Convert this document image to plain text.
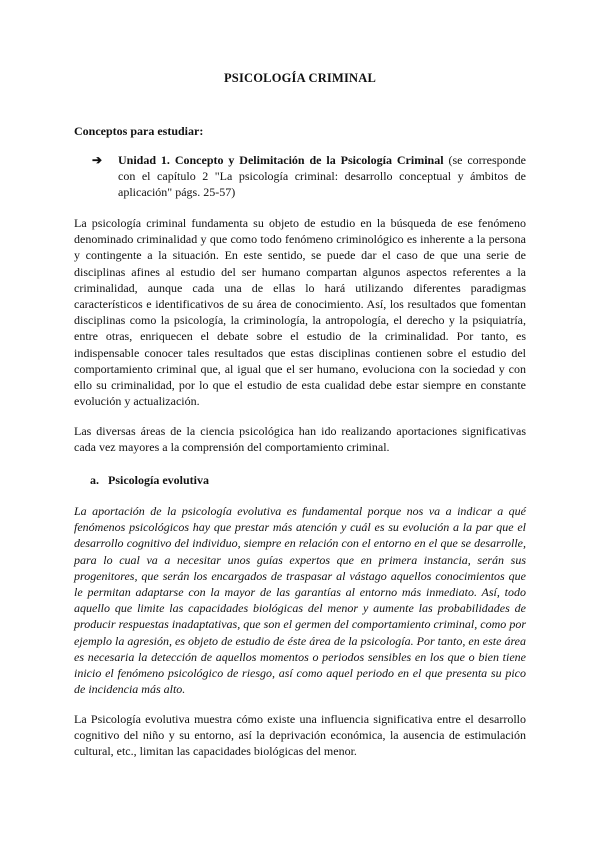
PSICOLOGÍA CRIMINAL
Conceptos para estudiar:
➔ Unidad 1. Concepto y Delimitación de la Psicología Criminal (se corresponde con el capítulo 2 "La psicología criminal: desarrollo conceptual y ámbitos de aplicación" págs. 25-57)

La psicología criminal fundamenta su objeto de estudio en la búsqueda de ese fenómeno denominado criminalidad y que como todo fenómeno criminológico es inherente a la persona y contingente a la situación. En este sentido, se puede dar el caso de que una serie de disciplinas afines al estudio del ser humano compartan algunos aspectos referentes a la criminalidad, aunque cada una de ellas lo hará utilizando diferentes paradigmas característicos e identificativos de su área de conocimiento. Así, los resultados que fomentan disciplinas como la psicología, la criminología, la antropología, el derecho y la psiquiatría, entre otras, enriquecen el debate sobre el estudio de la criminalidad. Por tanto, es indispensable conocer tales resultados que estas disciplinas contienen sobre el estudio del comportamiento criminal que, al igual que el ser humano, evoluciona con la sociedad y con ello su criminalidad, por lo que el estudio de esta cualidad debe estar siempre en constante evolución y actualización.

Las diversas áreas de la ciencia psicológica han ido realizando aportaciones significativas cada vez mayores a la comprensión del comportamiento criminal.

a. Psicología evolutiva

La aportación de la psicología evolutiva es fundamental porque nos va a indicar a qué fenómenos psicológicos hay que prestar más atención y cuál es su evolución a la par que el desarrollo cognitivo del individuo, siempre en relación con el entorno en el que se desarrolle, para lo cual va a necesitar unos guías expertos que en primera instancia, serán sus progenitores, que serán los encargados de traspasar al vástago aquellos conocimientos que le permitan adaptarse con la mayor de las garantías al entorno más inmediato. Así, todo aquello que limite las capacidades biológicas del menor y aumente las probabilidades de producir respuestas inadaptativas, que son el germen del comportamiento criminal, como por ejemplo la agresión, es objeto de estudio de éste área de la psicología. Por tanto, en este área es necesaria la detección de aquellos momentos o periodos sensibles en los que o bien tiene inicio el fenómeno psicológico de riesgo, así como aquel periodo en el que presenta su pico de incidencia más alto.

La Psicología evolutiva muestra cómo existe una influencia significativa entre el desarrollo cognitivo del niño y su entorno, así la deprivación económica, la ausencia de estimulación cultural, etc., limitan las capacidades biológicas del menor.
